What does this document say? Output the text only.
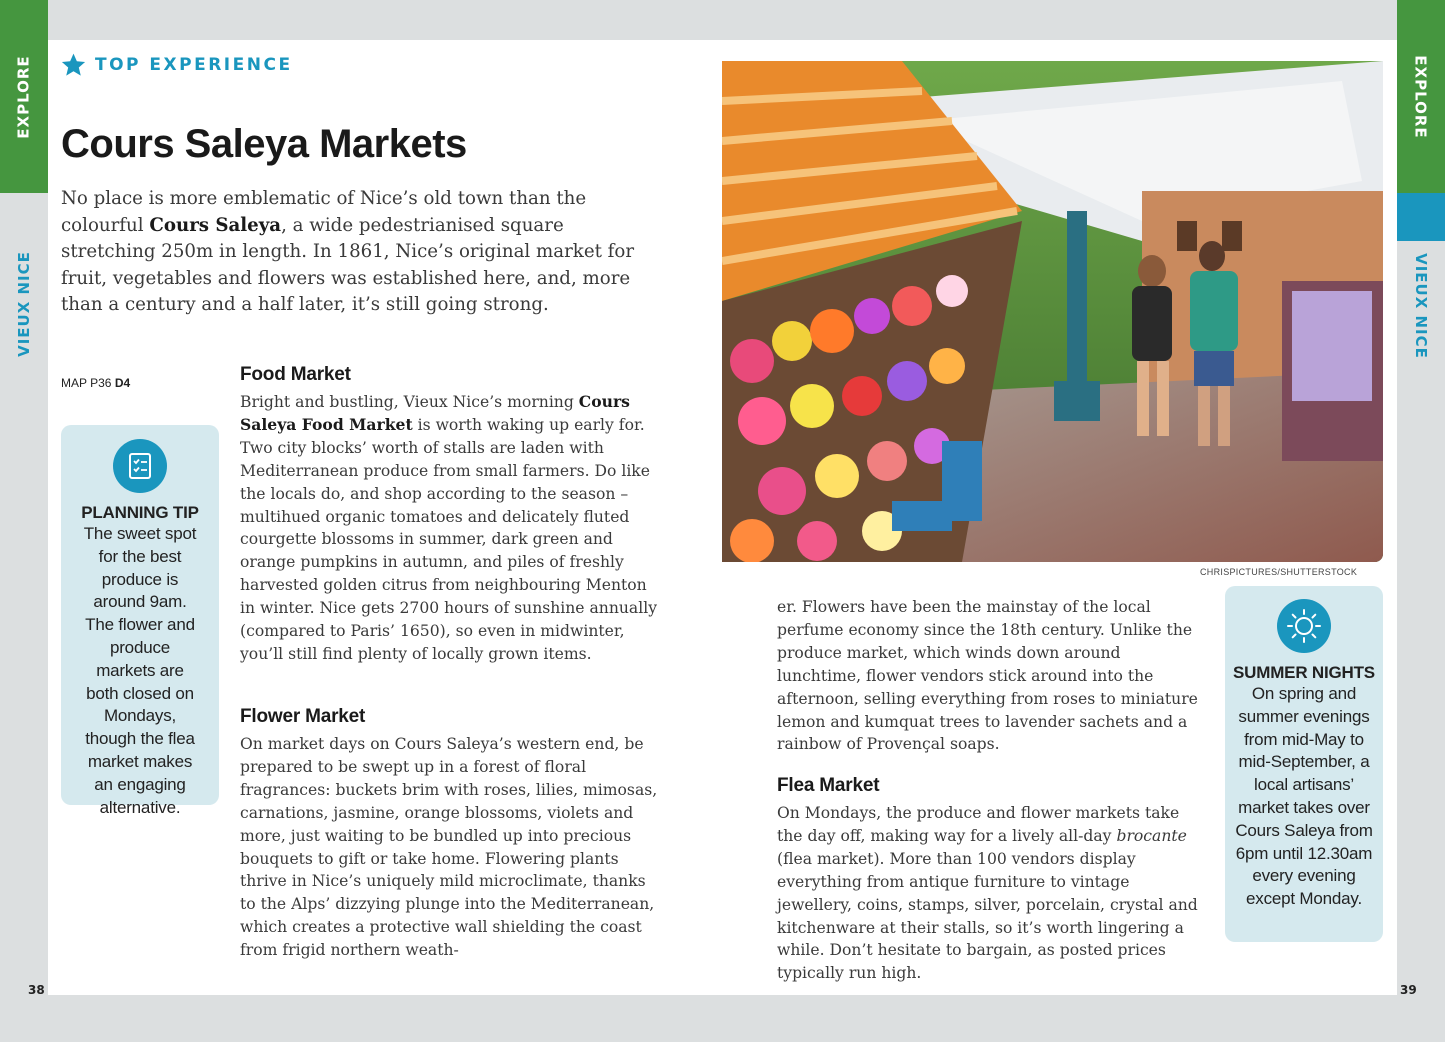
EXPLORE
VIEUX NICE
EXPLORE
VIEUX NICE
38	39
TOP EXPERIENCE
Cours Saleya Markets

No place is more emblematic of Nice’s old town than the colourful Cours Saleya, a wide pedestrianised square stretching 250m in length. In 1861, Nice’s original market for fruit, vegetables and flowers was established here, and, more than a century and a half later, it’s still going strong.

MAP P36 D4
PLANNING TIP
The sweet spot for the best produce is around 9am. The flower and produce markets are both closed on Mondays, though the flea market makes an engaging alternative.
Food Market

Bright and bustling, Vieux Nice’s morning Cours Saleya Food Market is worth waking up early for. Two city blocks’ worth of stalls are laden with Mediterranean produce from small farmers. Do like the locals do, and shop according to the season – multihued organic tomatoes and delicately fluted courgette blossoms in summer, dark green and orange pumpkins in autumn, and piles of freshly harvested golden citrus from neighbouring Menton in winter. Nice gets 2700 hours of sunshine annually (compared to Paris’ 1650), so even in midwinter, you’ll still find plenty of locally grown items.

Flower Market

On market days on Cours Saleya’s western end, be prepared to be swept up in a forest of floral fragrances: buckets brim with roses, lilies, mimosas, carnations, jasmine, orange blossoms, violets and more, just waiting to be bundled up into precious bouquets to gift or take home. Flowering plants thrive in Nice’s uniquely mild microclimate, thanks to the Alps’ dizzying plunge into the Mediterranean, which creates a protective wall shielding the coast from frigid northern weath-

CHRISPICTURES/SHUTTERSTOCK

er. Flowers have been the mainstay of the local perfume economy since the 18th century. Unlike the produce market, which winds down around lunchtime, flower vendors stick around into the afternoon, selling everything from roses to miniature lemon and kumquat trees to lavender sachets and a rainbow of Provençal soaps.

Flea Market

On Mondays, the produce and flower markets take the day off, making way for a lively all-day brocante (flea market). More than 100 vendors display everything from antique furniture to vintage jewellery, coins, stamps, silver, porcelain, crystal and kitchenware at their stalls, so it’s worth lingering a while. Don’t hesitate to bargain, as posted prices typically run high.

SUMMER NIGHTS
On spring and summer evenings from mid-May to mid-September, a local artisans’ market takes over Cours Saleya from 6pm until 12.30am every evening except Monday.
